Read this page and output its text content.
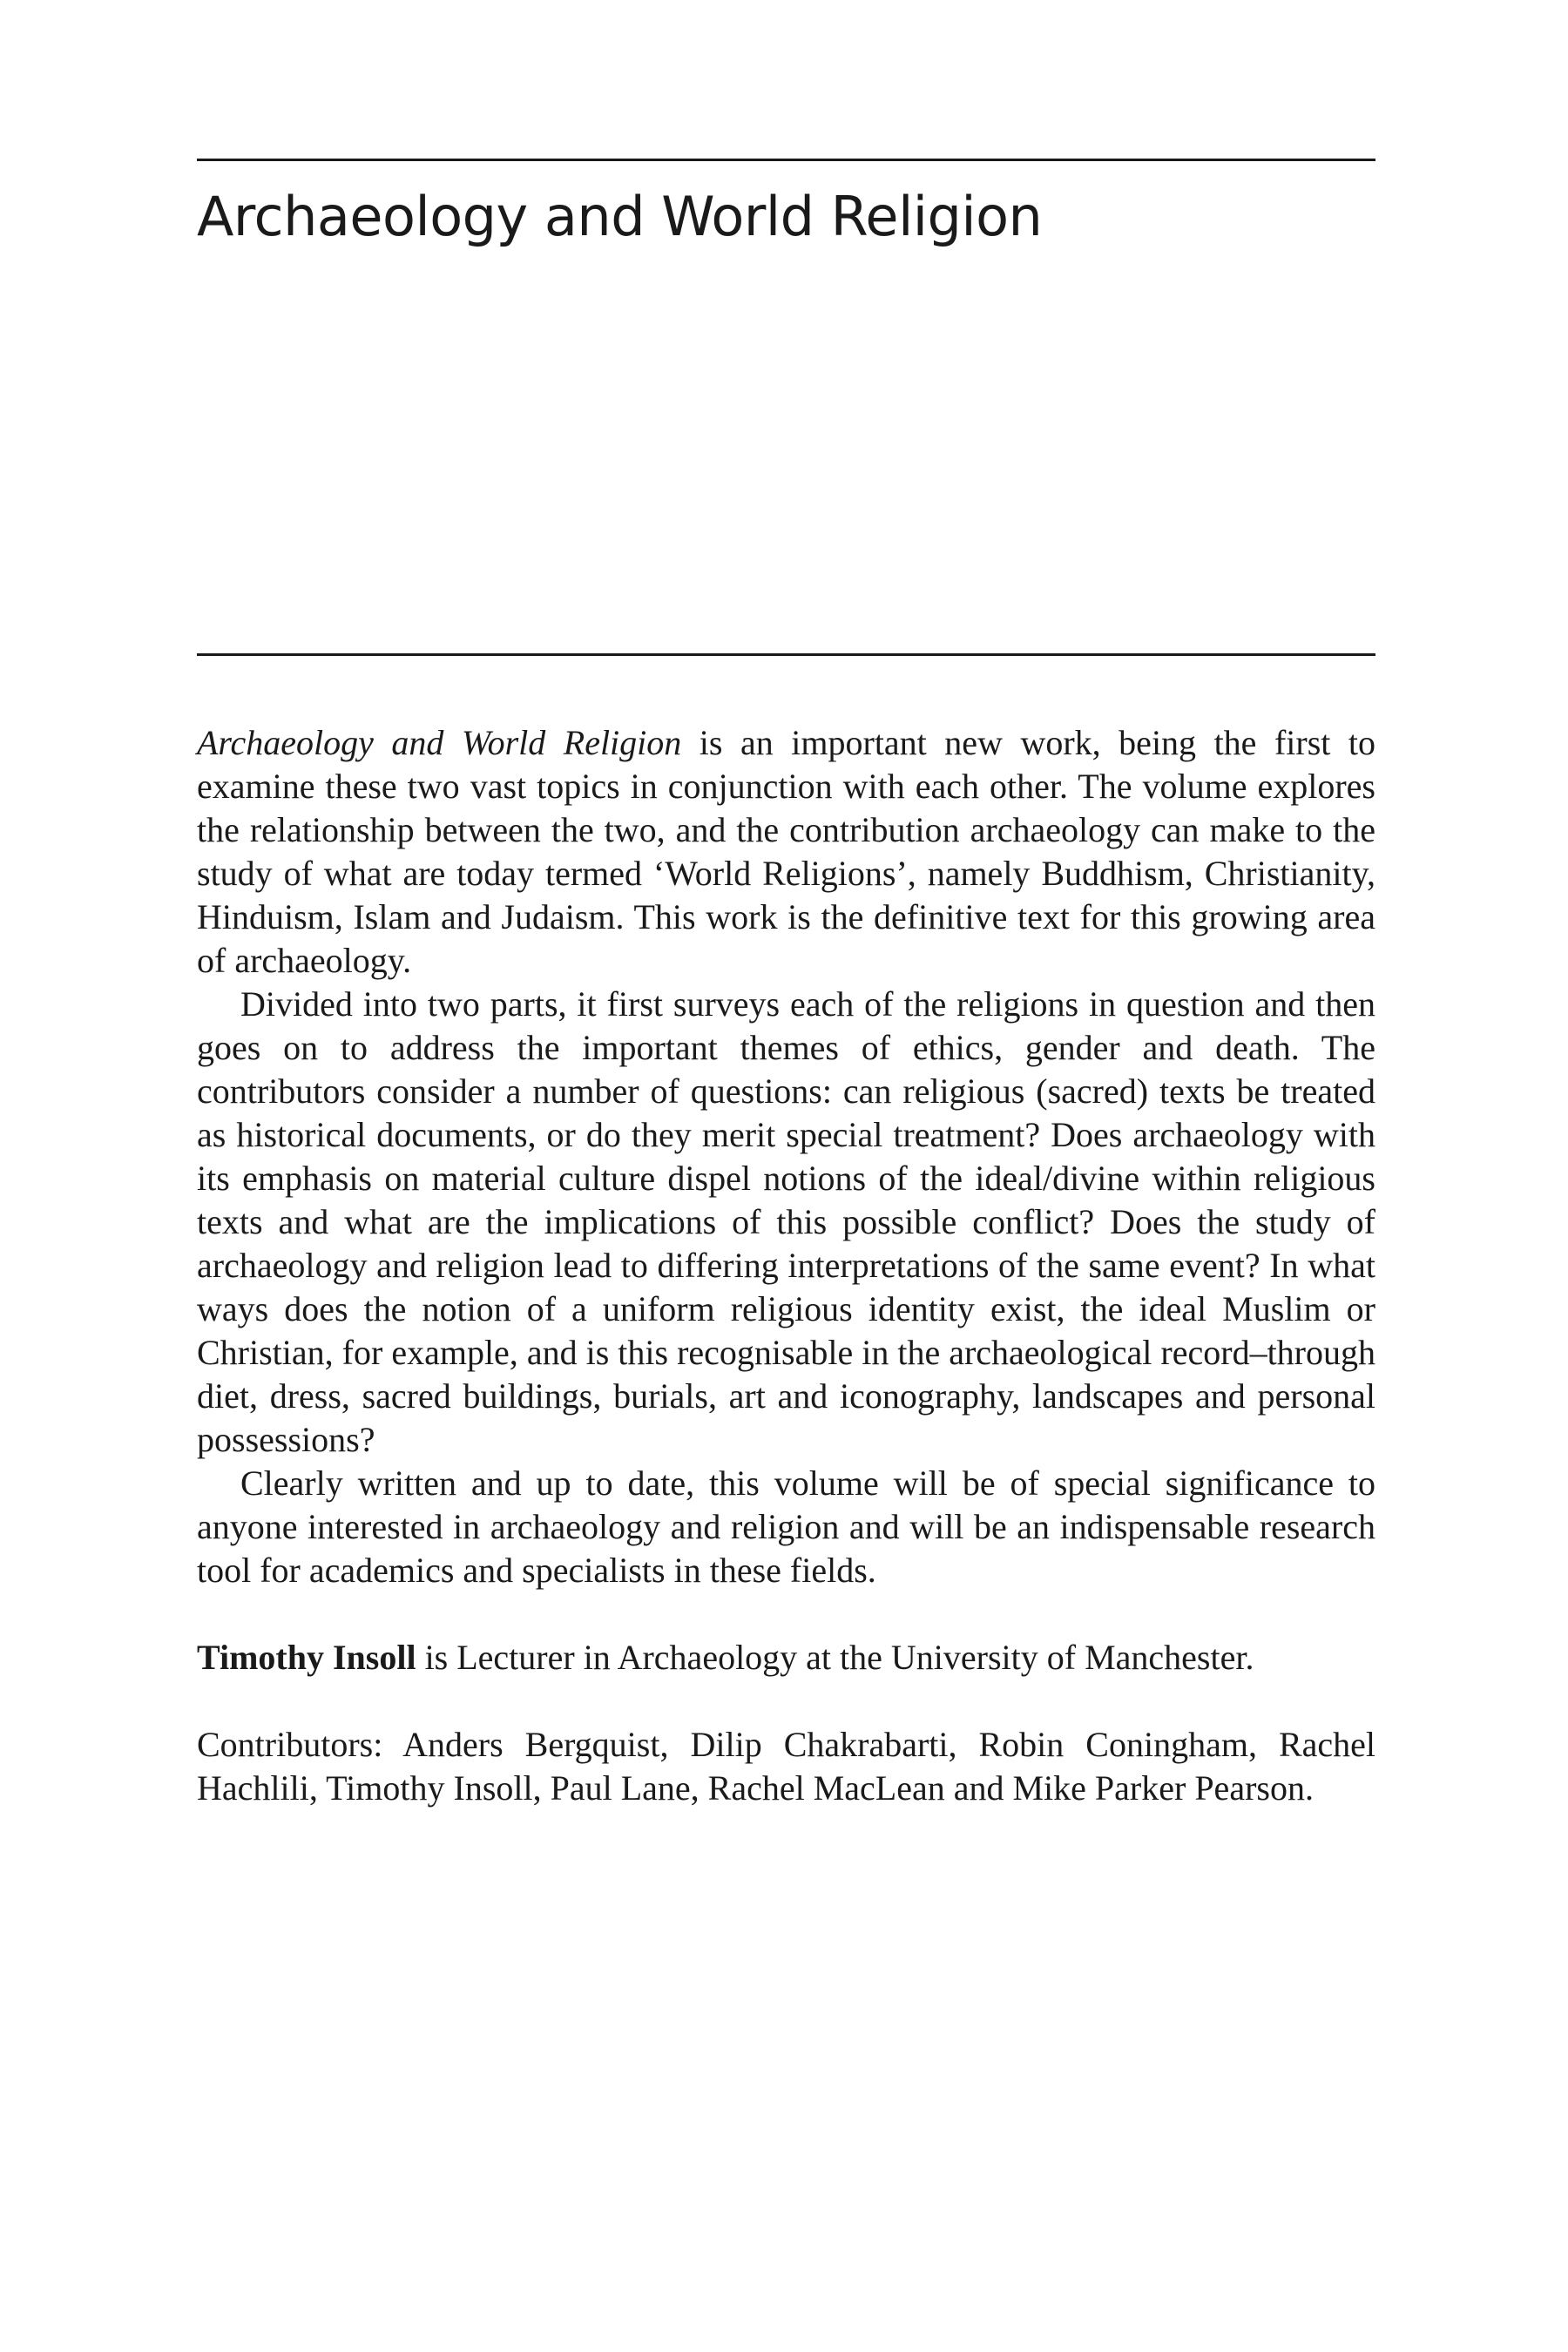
Archaeology and World Religion

Archaeology and World Religion is an important new work, being the first to examine these two vast topics in conjunction with each other. The volume explores the relationship between the two, and the contribution archaeology can make to the study of what are today termed ‘World Religions’, namely Buddhism, Christianity, Hinduism, Islam and Judaism. This work is the definitive text for this growing area of archaeology.

Divided into two parts, it first surveys each of the religions in question and then goes on to address the important themes of ethics, gender and death. The contributors consider a number of questions: can religious (sacred) texts be treated as historical documents, or do they merit special treatment? Does archaeology with its emphasis on material culture dispel notions of the ideal/divine within religious texts and what are the implications of this possible conflict? Does the study of archaeology and religion lead to differing interpretations of the same event? In what ways does the notion of a uniform religious identity exist, the ideal Muslim or Christian, for example, and is this recognisable in the archaeological record–through diet, dress, sacred buildings, burials, art and iconography, landscapes and personal possessions?

Clearly written and up to date, this volume will be of special significance to anyone interested in archaeology and religion and will be an indispensable research tool for academics and specialists in these fields.

Timothy Insoll is Lecturer in Archaeology at the University of Manchester.

Contributors: Anders Bergquist, Dilip Chakrabarti, Robin Coningham, Rachel Hachlili, Timothy Insoll, Paul Lane, Rachel MacLean and Mike Parker Pearson.
